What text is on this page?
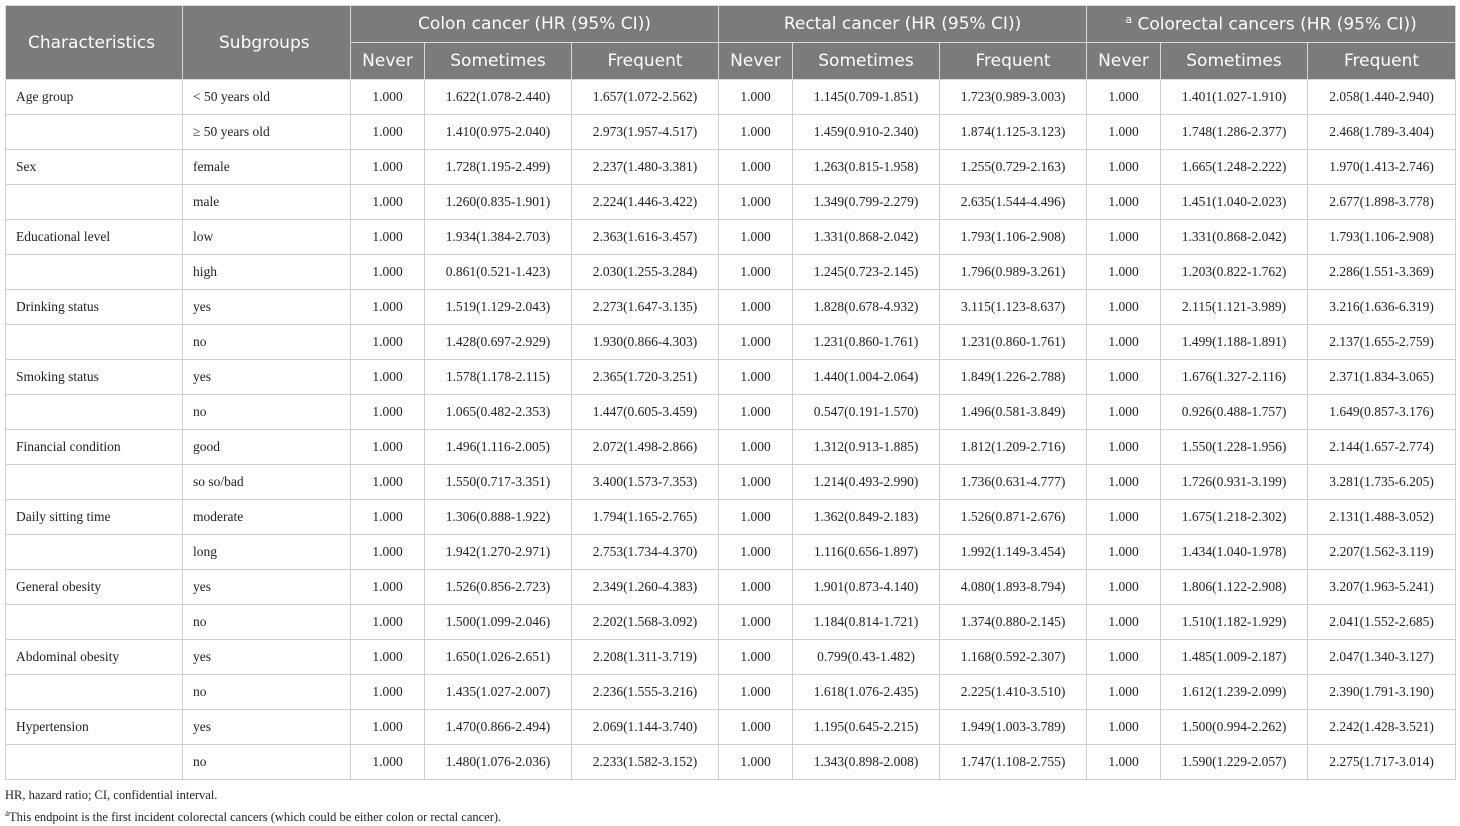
Characteristics	Subgroups	Colon cancer (HR (95% CI))			Rectal cancer (HR (95% CI))			$^a$ Colorectal cancers (HR (95% CI))		
		Never	Sometimes	Frequent	Never	Sometimes	Frequent	Never	Sometimes	Frequent
Age group	< 50 years old	1.000	1.622(1.078-2.440)	1.657(1.072-2.562)	1.000	1.145(0.709-1.851)	1.723(0.989-3.003)	1.000	1.401(1.027-1.910)	2.058(1.440-2.940)
	≥ 50 years old	1.000	1.410(0.975-2.040)	2.973(1.957-4.517)	1.000	1.459(0.910-2.340)	1.874(1.125-3.123)	1.000	1.748(1.286-2.377)	2.468(1.789-3.404)
Sex	female	1.000	1.728(1.195-2.499)	2.237(1.480-3.381)	1.000	1.263(0.815-1.958)	1.255(0.729-2.163)	1.000	1.665(1.248-2.222)	1.970(1.413-2.746)
	male	1.000	1.260(0.835-1.901)	2.224(1.446-3.422)	1.000	1.349(0.799-2.279)	2.635(1.544-4.496)	1.000	1.451(1.040-2.023)	2.677(1.898-3.778)
Educational level	low	1.000	1.934(1.384-2.703)	2.363(1.616-3.457)	1.000	1.331(0.868-2.042)	1.793(1.106-2.908)	1.000	1.331(0.868-2.042)	1.793(1.106-2.908)
	high	1.000	0.861(0.521-1.423)	2.030(1.255-3.284)	1.000	1.245(0.723-2.145)	1.796(0.989-3.261)	1.000	1.203(0.822-1.762)	2.286(1.551-3.369)
Drinking status	yes	1.000	1.519(1.129-2.043)	2.273(1.647-3.135)	1.000	1.828(0.678-4.932)	3.115(1.123-8.637)	1.000	2.115(1.121-3.989)	3.216(1.636-6.319)
	no	1.000	1.428(0.697-2.929)	1.930(0.866-4.303)	1.000	1.231(0.860-1.761)	1.231(0.860-1.761)	1.000	1.499(1.188-1.891)	2.137(1.655-2.759)
Smoking status	yes	1.000	1.578(1.178-2.115)	2.365(1.720-3.251)	1.000	1.440(1.004-2.064)	1.849(1.226-2.788)	1.000	1.676(1.327-2.116)	2.371(1.834-3.065)
	no	1.000	1.065(0.482-2.353)	1.447(0.605-3.459)	1.000	0.547(0.191-1.570)	1.496(0.581-3.849)	1.000	0.926(0.488-1.757)	1.649(0.857-3.176)
Financial condition	good	1.000	1.496(1.116-2.005)	2.072(1.498-2.866)	1.000	1.312(0.913-1.885)	1.812(1.209-2.716)	1.000	1.550(1.228-1.956)	2.144(1.657-2.774)
	so so/bad	1.000	1.550(0.717-3.351)	3.400(1.573-7.353)	1.000	1.214(0.493-2.990)	1.736(0.631-4.777)	1.000	1.726(0.931-3.199)	3.281(1.735-6.205)
Daily sitting time	moderate	1.000	1.306(0.888-1.922)	1.794(1.165-2.765)	1.000	1.362(0.849-2.183)	1.526(0.871-2.676)	1.000	1.675(1.218-2.302)	2.131(1.488-3.052)
	long	1.000	1.942(1.270-2.971)	2.753(1.734-4.370)	1.000	1.116(0.656-1.897)	1.992(1.149-3.454)	1.000	1.434(1.040-1.978)	2.207(1.562-3.119)
General obesity	yes	1.000	1.526(0.856-2.723)	2.349(1.260-4.383)	1.000	1.901(0.873-4.140)	4.080(1.893-8.794)	1.000	1.806(1.122-2.908)	3.207(1.963-5.241)
	no	1.000	1.500(1.099-2.046)	2.202(1.568-3.092)	1.000	1.184(0.814-1.721)	1.374(0.880-2.145)	1.000	1.510(1.182-1.929)	2.041(1.552-2.685)
Abdominal obesity	yes	1.000	1.650(1.026-2.651)	2.208(1.311-3.719)	1.000	0.799(0.43-1.482)	1.168(0.592-2.307)	1.000	1.485(1.009-2.187)	2.047(1.340-3.127)
	no	1.000	1.435(1.027-2.007)	2.236(1.555-3.216)	1.000	1.618(1.076-2.435)	2.225(1.410-3.510)	1.000	1.612(1.239-2.099)	2.390(1.791-3.190)
Hypertension	yes	1.000	1.470(0.866-2.494)	2.069(1.144-3.740)	1.000	1.195(0.645-2.215)	1.949(1.003-3.789)	1.000	1.500(0.994-2.262)	2.242(1.428-3.521)
	no	1.000	1.480(1.076-2.036)	2.233(1.582-3.152)	1.000	1.343(0.898-2.008)	1.747(1.108-2.755)	1.000	1.590(1.229-2.057)	2.275(1.717-3.014)
HR, hazard ratio; CI, confidential interval.
$^a$This endpoint is the first incident colorectal cancers (which could be either colon or rectal cancer).
